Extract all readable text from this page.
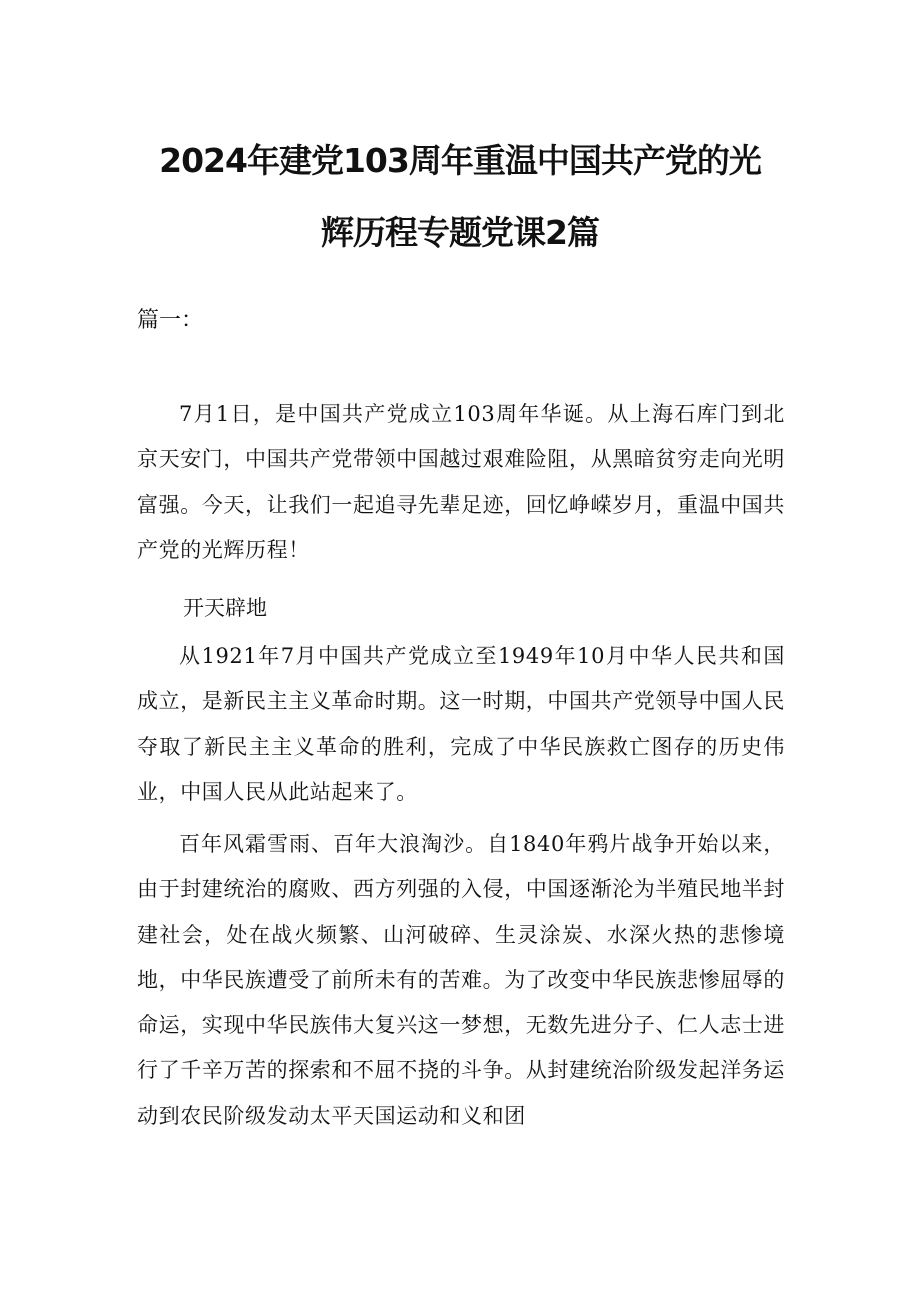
2024年建党103周年重温中国共产党的光
辉历程专题党课2篇
篇一：

7月1日，是中国共产党成立103周年华诞。从上海石库门到北京天安门，中国共产党带领中国越过艰难险阻，从黑暗贫穷走向光明富强。今天，让我们一起追寻先辈足迹，回忆峥嵘岁月，重温中国共产党的光辉历程！

开天辟地

从1921年7月中国共产党成立至1949年10月中华人民共和国成立，是新民主主义革命时期。这一时期，中国共产党领导中国人民夺取了新民主主义革命的胜利，完成了中华民族救亡图存的历史伟业，中国人民从此站起来了。

百年风霜雪雨、百年大浪淘沙。自1840年鸦片战争开始以来，由于封建统治的腐败、西方列强的入侵，中国逐渐沦为半殖民地半封建社会，处在战火频繁、山河破碎、生灵涂炭、水深火热的悲惨境地，中华民族遭受了前所未有的苦难。为了改变中华民族悲惨屈辱的命运，实现中华民族伟大复兴这一梦想，无数先进分子、仁人志士进行了千辛万苦的探索和不屈不挠的斗争。从封建统治阶级发起洋务运动到农民阶级发动太平天国运动和义和团
